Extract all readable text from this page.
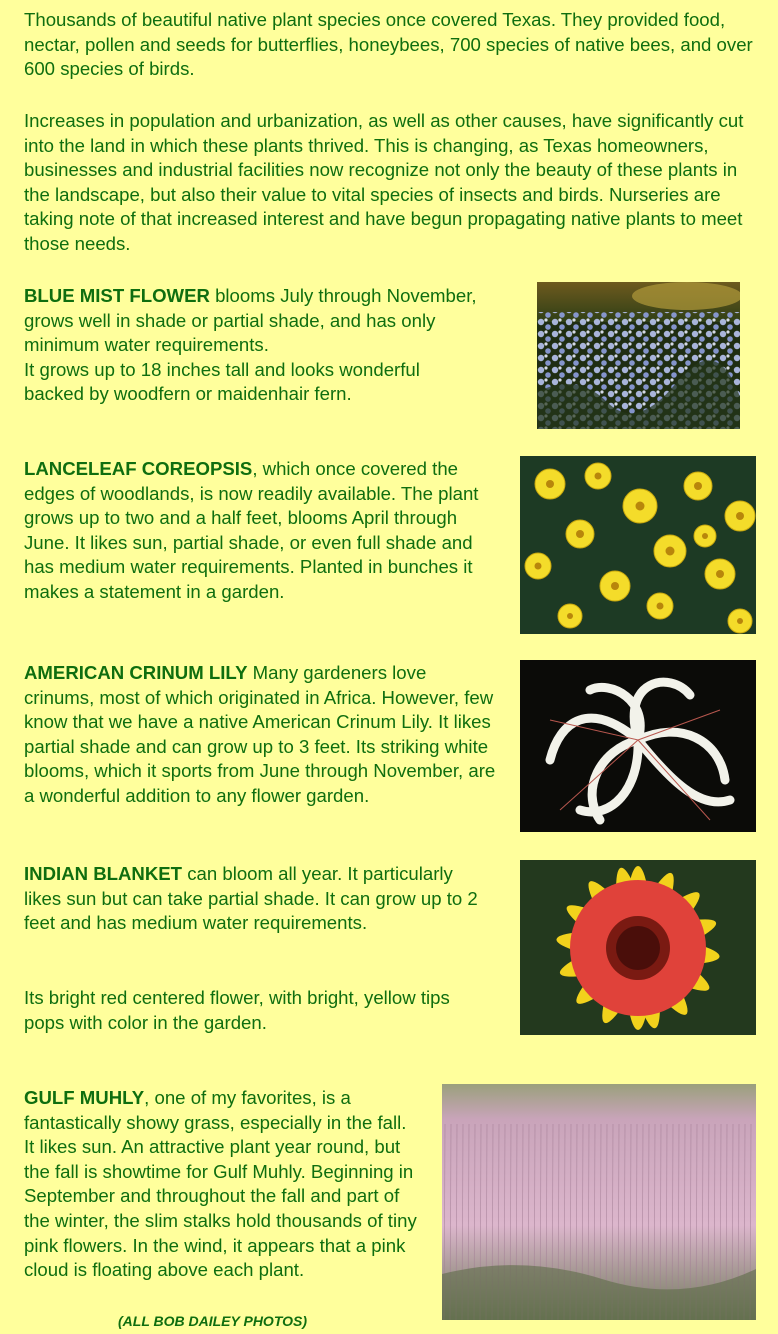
Thousands of beautiful native plant species once covered Texas. They provided food, nectar, pollen and seeds for butterflies, honeybees, 700 species of native bees, and over 600 species of birds.

Increases in population and urbanization, as well as other causes, have significantly cut into the land in which these plants thrived. This is changing, as Texas homeowners, businesses and industrial facilities now recognize not only the beauty of these plants in the landscape, but also their value to vital species of insects and birds. Nurseries are taking note of that increased interest and have begun propagating native plants to meet those needs.

BLUE MIST FLOWER blooms July through November, grows well in shade or partial shade, and has only minimum water requirements.
It grows up to 18 inches tall and looks wonderful backed by woodfern or maidenhair fern.

LANCELEAF COREOPSIS, which once covered the edges of woodlands, is now readily available. The plant grows up to two and a half feet, blooms April through June. It likes sun, partial shade, or even full shade and has medium water requirements. Planted in bunches it makes a statement in a garden.

AMERICAN CRINUM LILY Many gardeners love crinums, most of which originated in Africa. However, few know that we have a native American Crinum Lily. It likes partial shade and can grow up to 3 feet. Its striking white blooms, which it sports from June through November, are a wonderful addition to any flower garden.

INDIAN BLANKET can bloom all year. It particularly likes sun but can take partial shade. It can grow up to 2 feet and has medium water requirements.

Its bright red centered flower, with bright, yellow tips pops with color in the garden.

GULF MUHLY, one of my favorites, is a fantastically showy grass, especially in the fall. It likes sun. An attractive plant year round, but the fall is showtime for Gulf Muhly. Beginning in September and throughout the fall and part of the winter, the slim stalks hold thousands of tiny pink flowers. In the wind, it appears that a pink cloud is floating above each plant.

(ALL BOB DAILEY PHOTOS)
